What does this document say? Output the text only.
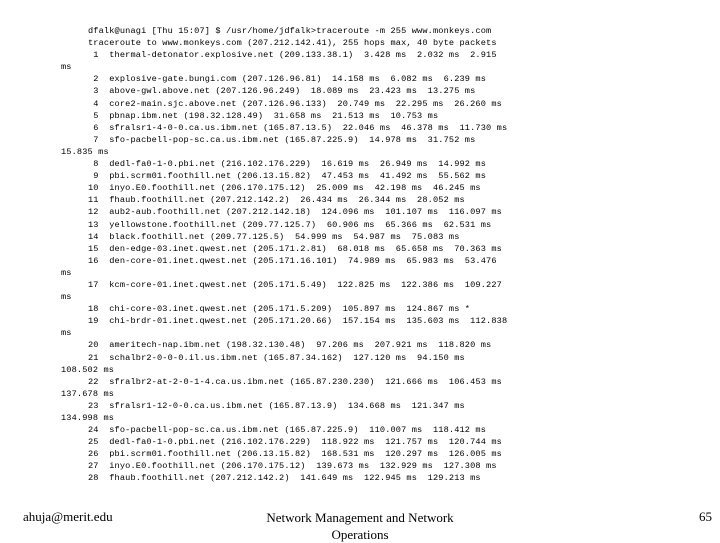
dfalk@unagi [Thu 15:07] $ /usr/home/jdfalk>traceroute -m 255 www.monkeys.com
traceroute to www.monkeys.com (207.212.142.41), 255 hops max, 40 byte packets
1  thermal-detonator.explosive.net (209.133.38.1)  3.428 ms  2.032 ms  2.915
ms
2  explosive-gate.bungi.com (207.126.96.81)  14.158 ms  6.082 ms  6.239 ms
3  above-gwl.above.net (207.126.96.249)  18.089 ms  23.423 ms  13.275 ms
4  core2-main.sjc.above.net (207.126.96.133)  20.749 ms  22.295 ms  26.260 ms
5  pbnap.ibm.net (198.32.128.49)  31.658 ms  21.513 ms  10.753 ms
6  sfralsr1-4-0-0.ca.us.ibm.net (165.87.13.5)  22.046 ms  46.378 ms  11.730 ms
7  sfo-pacbell-pop-sc.ca.us.ibm.net (165.87.225.9)  14.978 ms  31.752 ms
15.835 ms
8  dedl-fa0-1-0.pbi.net (216.102.176.229)  16.619 ms  26.949 ms  14.992 ms
9  pbi.scrm01.foothill.net (206.13.15.82)  47.453 ms  41.492 ms  55.562 ms
10  inyo.E0.foothill.net (206.170.175.12)  25.009 ms  42.198 ms  46.245 ms
11  fhaub.foothill.net (207.212.142.2)  26.434 ms  26.344 ms  28.052 ms
12  aub2-aub.foothill.net (207.212.142.18)  124.096 ms  101.107 ms  116.097 ms
13  yellowstone.foothill.net (209.77.125.7)  60.906 ms  65.366 ms  62.531 ms
14  black.foothill.net (209.77.125.5)  54.999 ms  54.987 ms  75.083 ms
15  den-edge-03.inet.qwest.net (205.171.2.81)  68.018 ms  65.658 ms  70.363 ms
16  den-core-01.inet.qwest.net (205.171.16.101)  74.989 ms  65.983 ms  53.476
ms
17  kcm-core-01.inet.qwest.net (205.171.5.49)  122.825 ms  122.386 ms  109.227
ms
18  chi-core-03.inet.qwest.net (205.171.5.209)  105.897 ms  124.867 ms *
19  chi-brdr-01.inet.qwest.net (205.171.20.66)  157.154 ms  135.603 ms  112.838
ms
20  ameritech-nap.ibm.net (198.32.130.48)  97.206 ms  207.921 ms  118.820 ms
21  schalbr2-0-0-0.il.us.ibm.net (165.87.34.162)  127.120 ms  94.150 ms
108.502 ms
22  sfralbr2-at-2-0-1-4.ca.us.ibm.net (165.87.230.230)  121.666 ms  106.453 ms
137.678 ms
23  sfralsr1-12-0-0.ca.us.ibm.net (165.87.13.9)  134.668 ms  121.347 ms
134.998 ms
24  sfo-pacbell-pop-sc.ca.us.ibm.net (165.87.225.9)  110.007 ms  118.412 ms
25  dedl-fa0-1-0.pbi.net (216.102.176.229)  118.922 ms  121.757 ms  120.744 ms
26  pbi.scrm01.foothill.net (206.13.15.82)  168.531 ms  120.297 ms  126.005 ms
27  inyo.E0.foothill.net (206.170.175.12)  139.673 ms  132.929 ms  127.308 ms
28  fhaub.foothill.net (207.212.142.2)  141.649 ms  122.945 ms  129.213 ms
ahuja@merit.edu	Network Management and Network Operations
65
